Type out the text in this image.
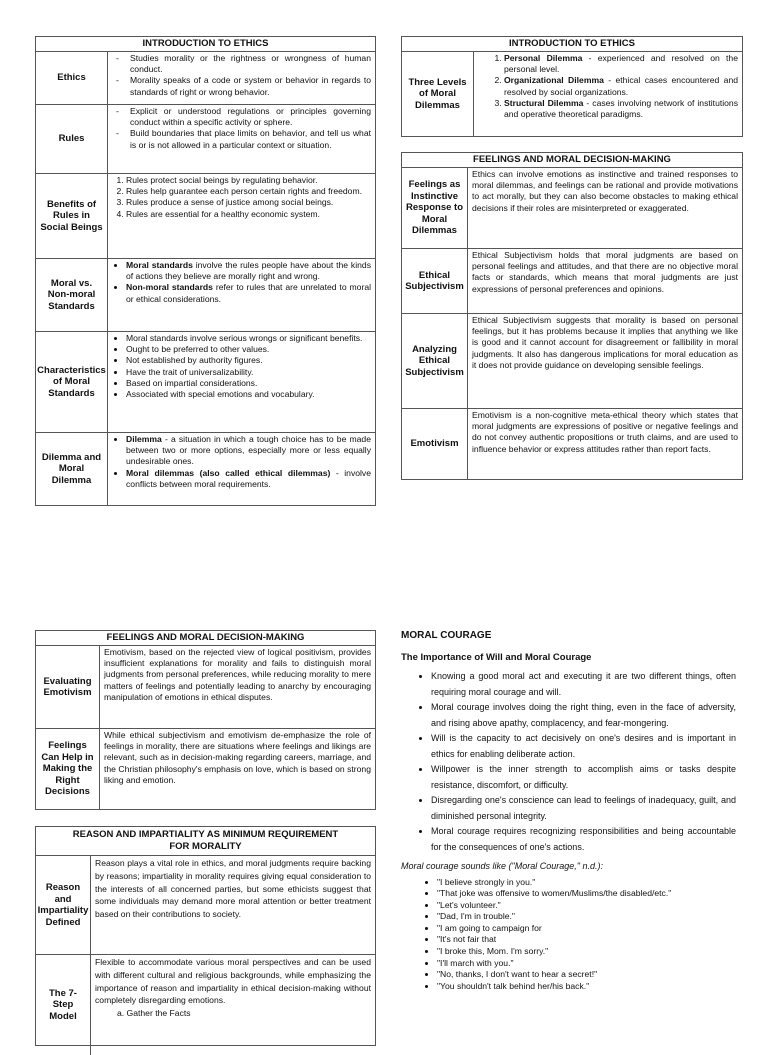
INTRODUCTION TO ETHICS
Ethics
- Studies morality or the rightness or wrongness of human conduct.
- Morality speaks of a code or system or behavior in regards to standards of right or wrong behavior.
Rules
- Explicit or understood regulations or principles governing conduct within a specific activity or sphere.
- Build boundaries that place limits on behavior, and tell us what is or is not allowed in a particular context or situation.
Benefits of Rules in Social Beings
1. Rules protect social beings by regulating behavior.
2. Rules help guarantee each person certain rights and freedom.
3. Rules produce a sense of justice among social beings.
4. Rules are essential for a healthy economic system.
Moral vs. Non-moral Standards
• Moral standards involve the rules people have about the kinds of actions they believe are morally right and wrong.
• Non-moral standards refer to rules that are unrelated to moral or ethical considerations.
Characteristics of Moral Standards
• Moral standards involve serious wrongs or significant benefits.
• Ought to be preferred to other values.
• Not established by authority figures.
• Have the trait of universalizability.
• Based on impartial considerations.
• Associated with special emotions and vocabulary.
Dilemma and Moral Dilemma
• Dilemma - a situation in which a tough choice has to be made between two or more options, especially more or less equally undesirable ones.
• Moral dilemmas (also called ethical dilemmas) - involve conflicts between moral requirements.
INTRODUCTION TO ETHICS
Three Levels of Moral Dilemmas
1. Personal Dilemma - experienced and resolved on the personal level.
2. Organizational Dilemma - ethical cases encountered and resolved by social organizations.
3. Structural Dilemma - cases involving network of institutions and operative theoretical paradigms.
FEELINGS AND MORAL DECISION-MAKING
Feelings as Instinctive Response to Moral Dilemmas
Ethics can involve emotions as instinctive and trained responses to moral dilemmas, and feelings can be rational and provide motivations to act morally, but they can also become obstacles to making ethical decisions if their roles are misinterpreted or exaggerated.
Ethical Subjectivism
Ethical Subjectivism holds that moral judgments are based on personal feelings and attitudes, and that there are no objective moral facts or standards, which means that moral judgments are just expressions of personal preferences and opinions.
Analyzing Ethical Subjectivism
Ethical Subjectivism suggests that morality is based on personal feelings, but it has problems because it implies that anything we like is good and it cannot account for disagreement or fallibility in moral judgments. It also has dangerous implications for moral education as it does not provide guidance on developing sensible feelings.
Emotivism
Emotivism is a non-cognitive meta-ethical theory which states that moral judgments are expressions of positive or negative feelings and do not convey authentic propositions or truth claims, and are used to influence behavior or express attitudes rather than report facts.
FEELINGS AND MORAL DECISION-MAKING
Evaluating Emotivism
Emotivism, based on the rejected view of logical positivism, provides insufficient explanations for morality and fails to distinguish moral judgments from personal preferences, while reducing morality to mere matters of feelings and potentially leading to anarchy by encouraging manipulation of emotions in ethical disputes.
Feelings Can Help in Making the Right Decisions
While ethical subjectivism and emotivism de-emphasize the role of feelings in morality, there are situations where feelings and likings are relevant, such as in decision-making regarding careers, marriage, and the Christian philosophy's emphasis on love, which is based on strong liking and emotion.
REASON AND IMPARTIALITY AS MINIMUM REQUIREMENT FOR MORALITY
Reason and Impartiality Defined
Reason plays a vital role in ethics, and moral judgments require backing by reasons; impartiality in morality requires giving equal consideration to the interests of all concerned parties, but some ethicists suggest that some individuals may demand more moral attention or better treatment based on their contributions to society.
The 7-Step Model
Flexible to accommodate various moral perspectives and can be used with different cultural and religious backgrounds, while emphasizing the importance of reason and impartiality in ethical decision-making without completely disregarding emotions.
a. Gather the Facts
MORAL COURAGE
The Importance of Will and Moral Courage
• Knowing a good moral act and executing it are two different things, often requiring moral courage and will.
• Moral courage involves doing the right thing, even in the face of adversity, and rising above apathy, complacency, and fear-mongering.
• Will is the capacity to act decisively on one's desires and is important in ethics for enabling deliberate action.
• Willpower is the inner strength to accomplish aims or tasks despite resistance, discomfort, or difficulty.
• Disregarding one's conscience can lead to feelings of inadequacy, guilt, and diminished personal integrity.
• Moral courage requires recognizing responsibilities and being accountable for the consequences of one's actions.
Moral courage sounds like ("Moral Courage," n.d.):
• "I believe strongly in you."
• "That joke was offensive to women/Muslims/the disabled/etc."
• "Let's volunteer."
• "Dad, I'm in trouble."
• "I am going to campaign for
• "It's not fair that
• "I broke this, Mom. I'm sorry."
• "I'll march with you."
• "No, thanks, I don't want to hear a secret!"
• "You shouldn't talk behind her/his back."
